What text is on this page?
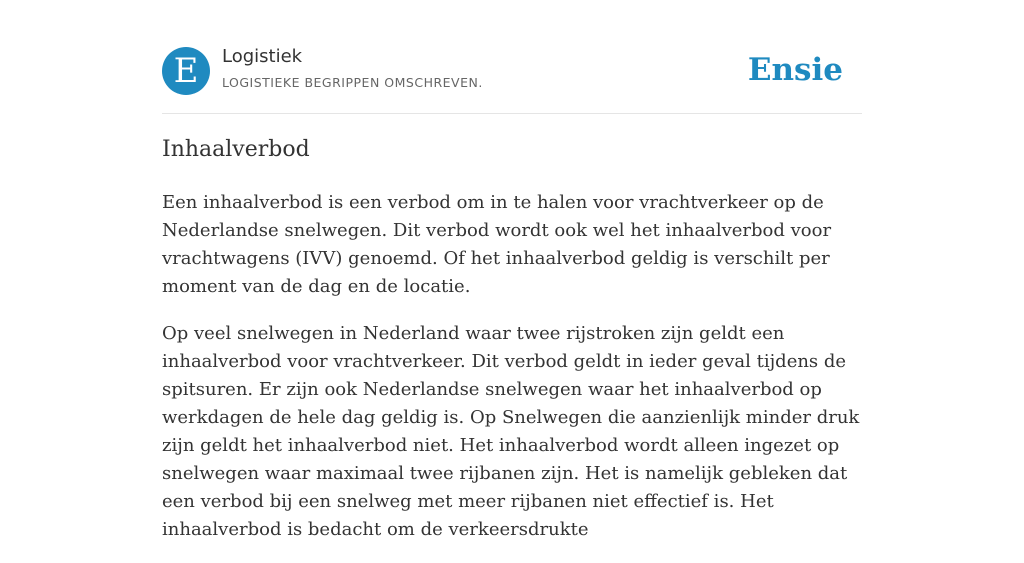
E	Logistiek
LOGISTIEKE BEGRIPPEN OMSCHREVEN.	Ensie
Inhaalverbod

Een inhaalverbod is een verbod om in te halen voor vrachtverkeer op de Nederlandse snelwegen. Dit verbod wordt ook wel het inhaalverbod voor vrachtwagens (IVV) genoemd. Of het inhaalverbod geldig is verschilt per moment van de dag en de locatie.

Op veel snelwegen in Nederland waar twee rijstroken zijn geldt een inhaalverbod voor vrachtverkeer. Dit verbod geldt in ieder geval tijdens de spitsuren. Er zijn ook Nederlandse snelwegen waar het inhaalverbod op werkdagen de hele dag geldig is. Op Snelwegen die aanzienlijk minder druk zijn geldt het inhaalverbod niet. Het inhaalverbod wordt alleen ingezet op snelwegen waar maximaal twee rijbanen zijn. Het is namelijk gebleken dat een verbod bij een snelweg met meer rijbanen niet effectief is. Het inhaalverbod is bedacht om de verkeersdrukte
